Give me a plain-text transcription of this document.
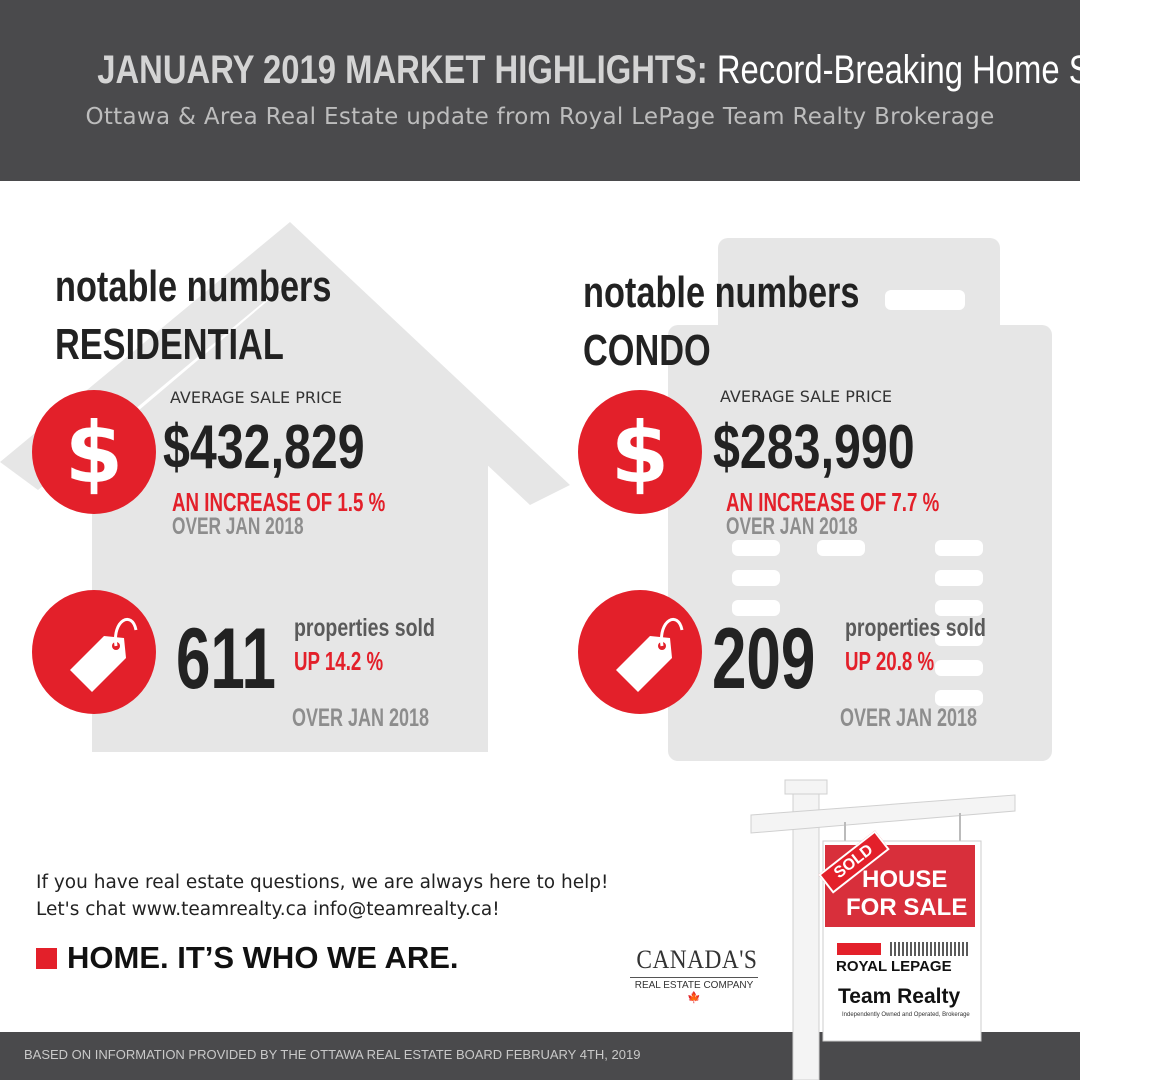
JANUARY 2019 MARKET HIGHLIGHTS: Record-Breaking Home Sales!
Ottawa & Area Real Estate update from Royal LePage Team Realty Brokerage
notable numbers
RESIDENTIAL
$
AVERAGE SALE PRICE
$432,829
AN INCREASE OF 1.5 %
OVER JAN 2018
611 properties sold
UP 14.2 %
OVER JAN 2018
notable numbers
CONDO
$
AVERAGE SALE PRICE
$283,990
AN INCREASE OF 7.7 %
OVER JAN 2018
209 properties sold
UP 20.8 %
OVER JAN 2018
If you have real estate questions, we are always here to help!
Let's chat www.teamrealty.ca info@teamrealty.ca!
HOME. IT’S WHO WE ARE.	CANADA'S
REAL ESTATE COMPANY
🍁
BASED ON INFORMATION PROVIDED BY THE OTTAWA REAL ESTATE BOARD FEBRUARY 4TH, 2019
SOLD
HOUSE
FOR SALE
ROYAL LEPAGE
Team Realty
Independently Owned and Operated, Brokerage
